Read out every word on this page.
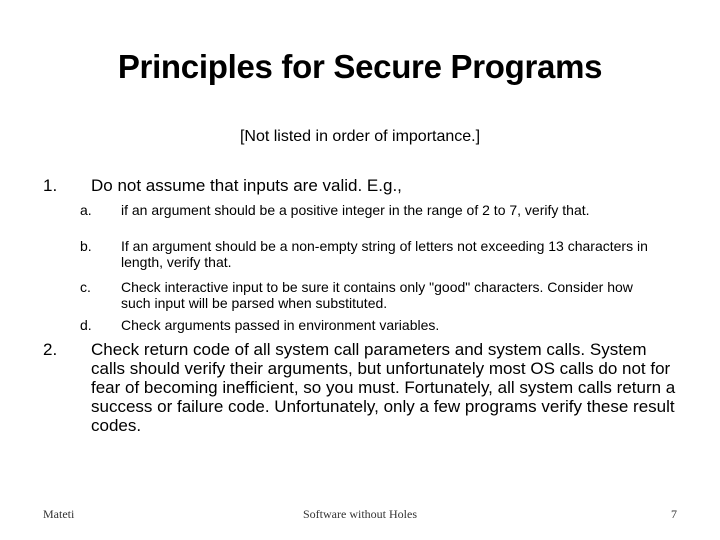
Principles for Secure Programs
[Not listed in order of importance.]
1. Do not assume that inputs are valid. E.g.,
a. if an argument should be a positive integer in the range of 2 to 7, verify that.
b. If an argument should be a non-empty string of letters not exceeding 13 characters in length, verify that.
c. Check interactive input to be sure it contains only "good" characters. Consider how such input will be parsed when substituted.
d. Check arguments passed in environment variables.
2. Check return code of all system call parameters and system calls. System calls should verify their arguments, but unfortunately most OS calls do not for fear of becoming inefficient, so you must. Fortunately, all system calls return a success or failure code. Unfortunately, only a few programs verify these result codes.
Mateti	Software without Holes	7
